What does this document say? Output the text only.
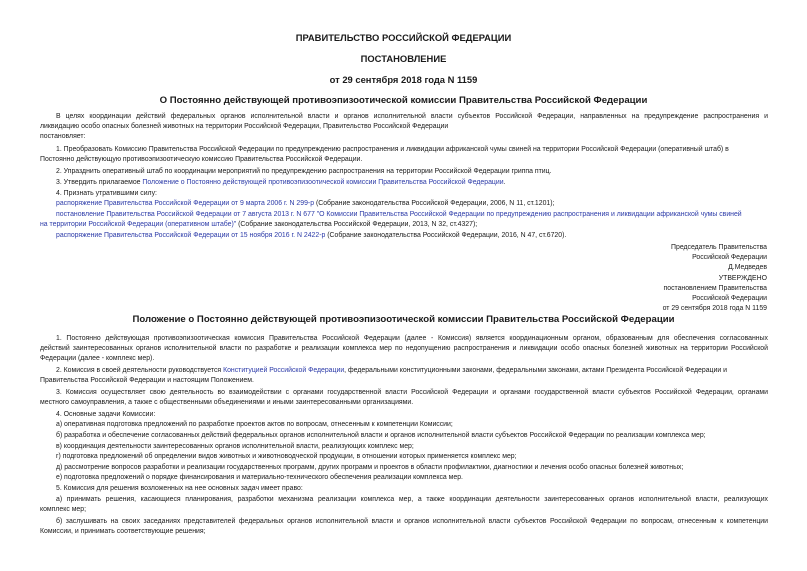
ПРАВИТЕЛЬСТВО РОССИЙСКОЙ ФЕДЕРАЦИИ
ПОСТАНОВЛЕНИЕ
от 29 сентября 2018 года N 1159
О Постоянно действующей противоэпизоотической комиссии Правительства Российской Федерации
В целях координации действий федеральных органов исполнительной власти и органов исполнительной власти субъектов Российской Федерации, направленных на предупреждение распространения и
ликвидацию особо опасных болезней животных на территории Российской Федерации, Правительство Российской Федерации
постановляет:
1. Преобразовать Комиссию Правительства Российской Федерации по предупреждению распространения и ликвидации африканской чумы свиней на территории Российской Федерации (оперативный штаб) в
Постоянно действующую противоэпизоотическую комиссию Правительства Российской Федерации.
2. Упразднить оперативный штаб по координации мероприятий по предупреждению распространения на территории Российской Федерации гриппа птиц.
3. Утвердить прилагаемое Положение о Постоянно действующей противоэпизоотической комиссии Правительства Российской Федерации.
4. Признать утратившими силу:
распоряжение Правительства Российской Федерации от 9 марта 2006 г. N 299-р (Собрание законодательства Российской Федерации, 2006, N 11, ст.1201);
постановление Правительства Российской Федерации от 7 августа 2013 г. N 677 "О Комиссии Правительства Российской Федерации по предупреждению распространения и ликвидации африканской чумы свиней
на территории Российской Федерации (оперативном штабе)" (Собрание законодательства Российской Федерации, 2013, N 32, ст.4327);
распоряжение Правительства Российской Федерации от 15 ноября 2016 г. N 2422-р (Собрание законодательства Российской Федерации, 2016, N 47, ст.6720).
Председатель Правительства
Российской Федерации
Д.Медведев
УТВЕРЖДЕНО
постановлением Правительства
Российской Федерации
от 29 сентября 2018 года N 1159
Положение о Постоянно действующей противоэпизоотической комиссии Правительства Российской Федерации
1. Постоянно действующая противоэпизоотическая комиссия Правительства Российской Федерации (далее - Комиссия) является координационным органом, образованным для обеспечения согласованных
действий заинтересованных органов исполнительной власти по разработке и реализации комплекса мер по недопущению распространения и ликвидации особо опасных болезней животных на территории Российской
Федерации (далее - комплекс мер).
2. Комиссия в своей деятельности руководствуется Конституцией Российской Федерации, федеральными конституционными законами, федеральными законами, актами Президента Российской Федерации и
Правительства Российской Федерации и настоящим Положением.
3. Комиссия осуществляет свою деятельность во взаимодействии с органами государственной власти Российской Федерации и органами государственной власти субъектов Российской Федерации, органами
местного самоуправления, а также с общественными объединениями и иными заинтересованными организациями.
4. Основные задачи Комиссии:
а) оперативная подготовка предложений по разработке проектов актов по вопросам, отнесенным к компетенции Комиссии;
б) разработка и обеспечение согласованных действий федеральных органов исполнительной власти и органов исполнительной власти субъектов Российской Федерации по реализации комплекса мер;
в) координация деятельности заинтересованных органов исполнительной власти, реализующих комплекс мер;
г) подготовка предложений об определении видов животных и животноводческой продукции, в отношении которых применяется комплекс мер;
д) рассмотрение вопросов разработки и реализации государственных программ, других программ и проектов в области профилактики, диагностики и лечения особо опасных болезней животных;
е) подготовка предложений о порядке финансирования и материально-технического обеспечения реализации комплекса мер.
5. Комиссия для решения возложенных на нее основных задач имеет право:
а) принимать решения, касающиеся планирования, разработки механизма реализации комплекса мер, а также координации деятельности заинтересованных органов исполнительной власти, реализующих
комплекс мер;
б) заслушивать на своих заседаниях представителей федеральных органов исполнительной власти и органов исполнительной власти субъектов Российской Федерации по вопросам, отнесенным к компетенции
Комиссии, и принимать соответствующие решения;
